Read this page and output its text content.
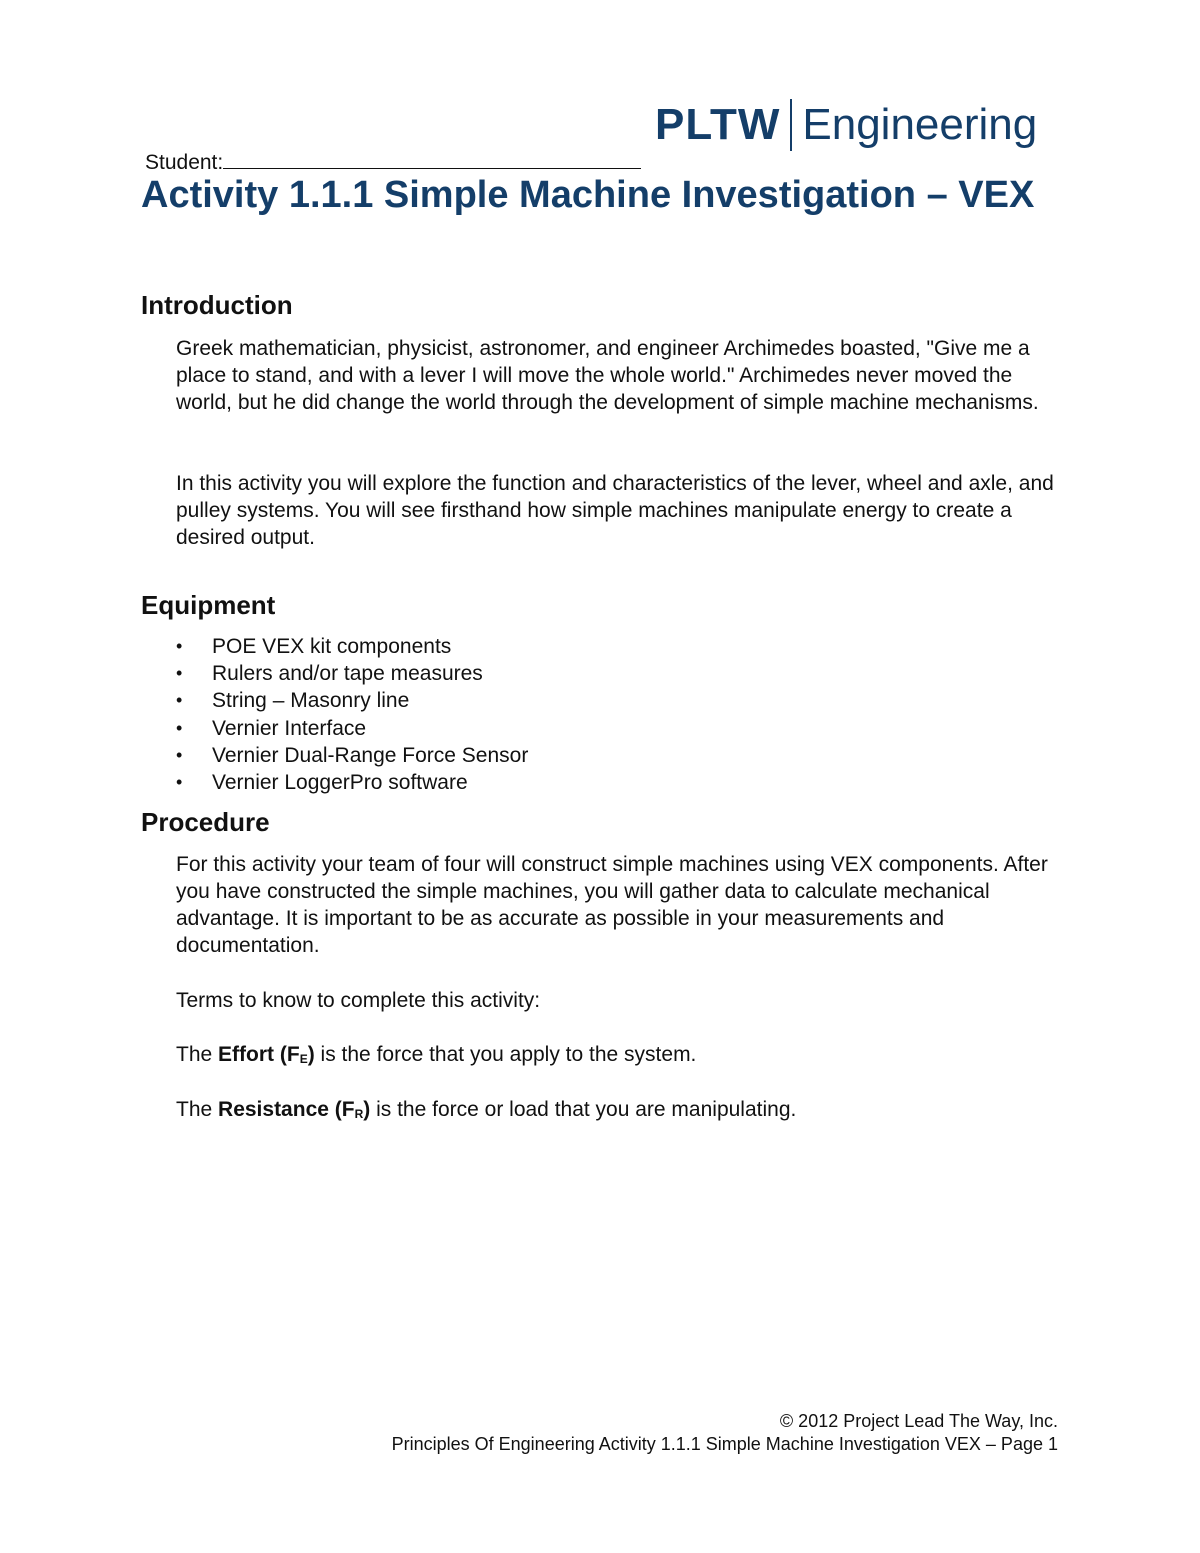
PLTW Engineering
Student:
Activity 1.1.1 Simple Machine Investigation – VEX
Introduction

Greek mathematician, physicist, astronomer, and engineer Archimedes boasted, "Give me a place to stand, and with a lever I will move the whole world." Archimedes never moved the world, but he did change the world through the development of simple machine mechanisms.

In this activity you will explore the function and characteristics of the lever, wheel and axle, and pulley systems. You will see firsthand how simple machines manipulate energy to create a desired output.

Equipment
• POE VEX kit components
• Rulers and/or tape measures
• String – Masonry line
• Vernier Interface
• Vernier Dual-Range Force Sensor
• Vernier LoggerPro software
Procedure

For this activity your team of four will construct simple machines using VEX components. After you have constructed the simple machines, you will gather data to calculate mechanical advantage. It is important to be as accurate as possible in your measurements and documentation.

Terms to know to complete this activity:

The Effort (FE) is the force that you apply to the system.

The Resistance (FR) is the force or load that you are manipulating.

© 2012 Project Lead The Way, Inc.

Principles Of Engineering Activity 1.1.1 Simple Machine Investigation VEX – Page 1
